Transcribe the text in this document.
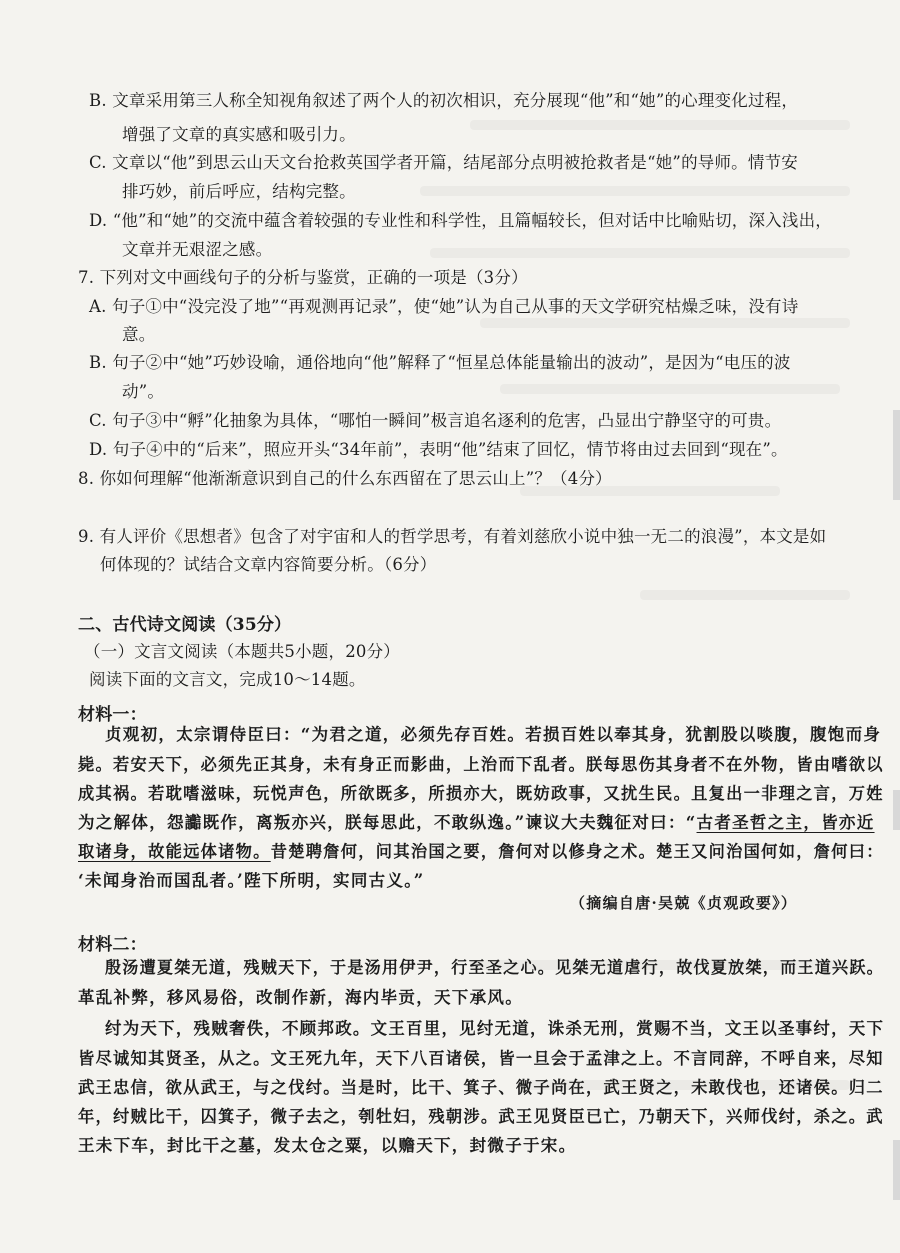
B. 文章采用第三人称全知视角叙述了两个人的初次相识，充分展现“他”和“她”的心理变化过程，
增强了文章的真实感和吸引力。
C. 文章以“他”到思云山天文台抢救英国学者开篇，结尾部分点明被抢救者是“她”的导师。情节安
排巧妙，前后呼应，结构完整。
D. “他”和“她”的交流中蕴含着较强的专业性和科学性，且篇幅较长，但对话中比喻贴切，深入浅出，
文章并无艰涩之感。
7. 下列对文中画线句子的分析与鉴赏，正确的一项是（3分）
A. 句子①中“没完没了地”“再观测再记录”，使“她”认为自己从事的天文学研究枯燥乏味，没有诗
意。
B. 句子②中“她”巧妙设喻，通俗地向“他”解释了“恒星总体能量输出的波动”，是因为“电压的波
动”。
C. 句子③中“孵”化抽象为具体，“哪怕一瞬间”极言追名逐利的危害，凸显出宁静坚守的可贵。
D. 句子④中的“后来”，照应开头“34年前”，表明“他”结束了回忆，情节将由过去回到“现在”。
8. 你如何理解“他渐渐意识到自己的什么东西留在了思云山上”？（4分）
9. 有人评价《思想者》包含了对宇宙和人的哲学思考，有着刘慈欣小说中独一无二的浪漫”，本文是如
何体现的？试结合文章内容简要分析。（6分）
二、古代诗文阅读（35分）
（一）文言文阅读（本题共5小题，20分）
阅读下面的文言文，完成10～14题。
材料一：
贞观初，太宗谓侍臣曰：“为君之道，必须先存百姓。若损百姓以奉其身，犹割股以啖腹，腹饱而身
毙。若安天下，必须先正其身，未有身正而影曲，上治而下乱者。朕每思伤其身者不在外物，皆由嗜欲以
成其祸。若耽嗜滋味，玩悦声色，所欲既多，所损亦大，既妨政事，又扰生民。且复出一非理之言，万姓
为之解体，怨讟既作，离叛亦兴，朕每思此，不敢纵逸。”谏议大夫魏征对曰：“古者圣哲之主，皆亦近
取诸身，故能远体诸物。昔楚聘詹何，问其治国之要，詹何对以修身之术。楚王又问治国何如，詹何曰：
‘未闻身治而国乱者。’陛下所明，实同古义。”
（摘编自唐·吴兢《贞观政要》）
材料二：
殷汤遭夏桀无道，残贼天下，于是汤用伊尹，行至圣之心。见桀无道虐行，故伐夏放桀，而王道兴跃。
革乱补弊，移风易俗，改制作新，海内毕贡，天下承风。
纣为天下，残贼奢佚，不顾邦政。文王百里，见纣无道，诛杀无刑，赏赐不当，文王以圣事纣，天下
皆尽诚知其贤圣，从之。文王死九年，天下八百诸侯，皆一旦会于孟津之上。不言同辞，不呼自来，尽知
武王忠信，欲从武王，与之伐纣。当是时，比干、箕子、微子尚在，武王贤之，未敢伐也，还诸侯。归二
年，纣贼比干，囚箕子，微子去之，刳牡妇，残朝涉。武王见贤臣已亡，乃朝天下，兴师伐纣，杀之。武
王未下车，封比干之墓，发太仓之粟，以赡天下，封微子于宋。
